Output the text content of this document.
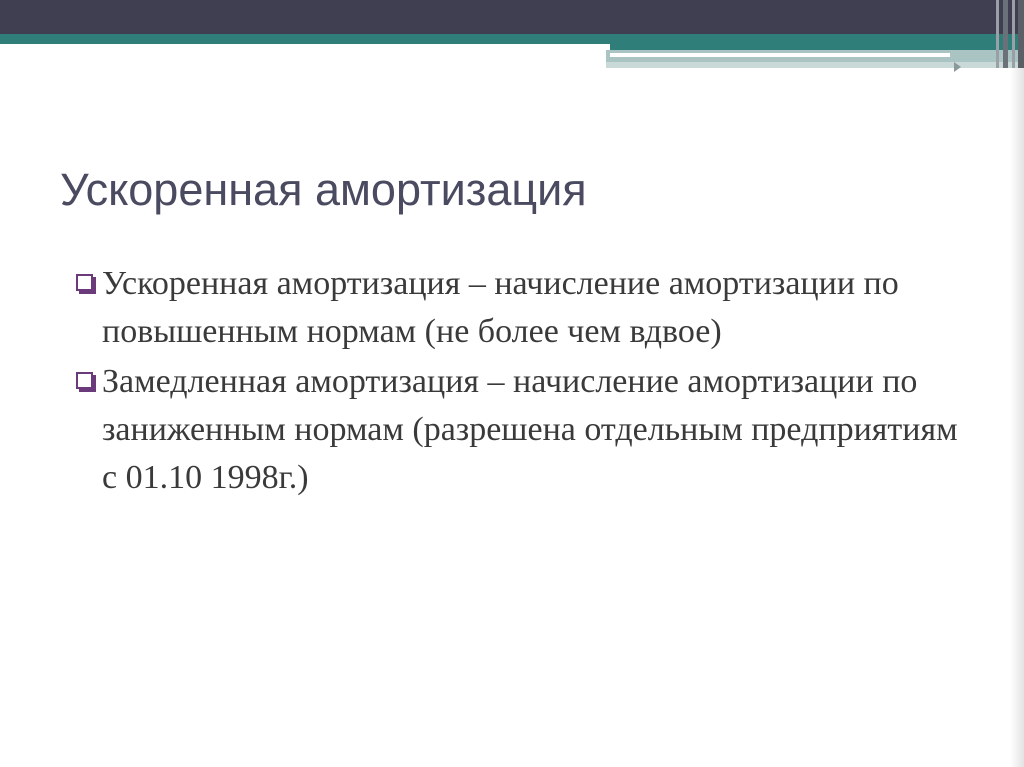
Ускоренная амортизация
Ускоренная амортизация – начисление амортизации по повышенным нормам (не более чем вдвое)
Замедленная амортизация – начисление амортизации по заниженным нормам (разрешена отдельным предприятиям с 01.10 1998г.)
